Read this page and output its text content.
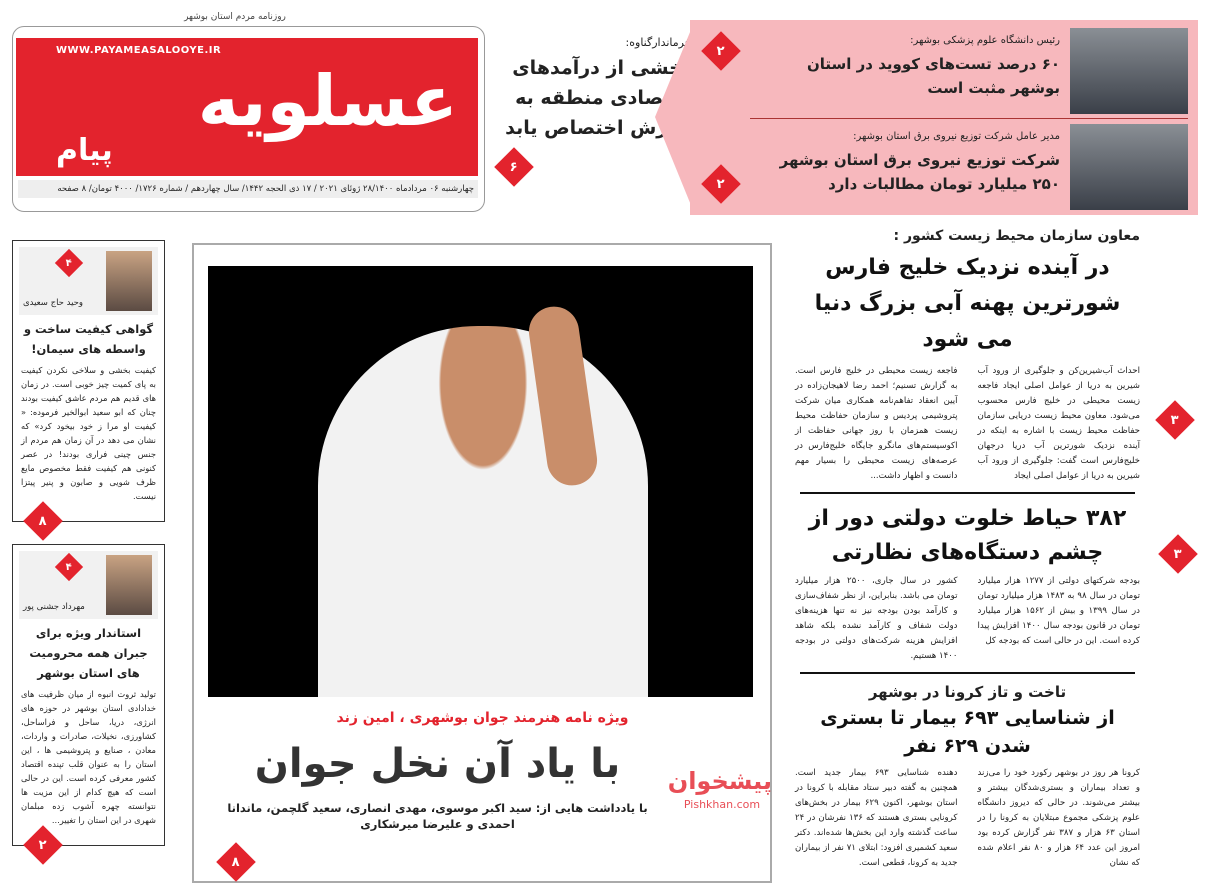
روزنامه مردم استان بوشهر
WWW.PAYAMEASALOOYE.IR
عسلویه
پیام
چهارشنبه ۰۶ مردادماه ۲۸/۱۴۰۰ ژوئای ۲۰۲۱ / ۱۷ ذی الحجه ۱۴۴۲/ سال چهاردهم / شماره ۱۷۲۶/ ۴۰۰۰ تومان/ ۸ صفحه
فرماندارگناوه:
بخشی از درآمدهای اقتصادی منطقه به ورزش اختصاص یابد
۶
رئیس دانشگاه علوم پزشکی بوشهر:
۶۰ درصد تست‌های کووید در استان بوشهر مثبت است
مدیر عامل شرکت توزیع نیروی برق استان بوشهر:
شرکت توزیع نیروی برق استان بوشهر ۲۵۰ میلیارد تومان مطالبات دارد
۲
۲
۴
وحید حاج سعیدی
گواهی کیفیت ساخت و واسطه های سیمان!

کیفیت بخشی و سلاخی نکردن کیفیت به پای کمیت چیز خوبی است. در زمان های قدیم هم مردم عاشق کیفیت بودند چنان که ابو سعید ابوالخیر فرموده: « کیفیت او مرا ز خود بیخود کرد» که نشان می دهد در آن زمان هم مردم از جنس چینی فراری بودند! در عصر کنونی هم کیفیت فقط مخصوص مایع ظرف شویی و صابون و پنیر پیتزا نیست.

۸
۴
مهرداد جشنی پور
استاندار ویژه برای جبران همه محرومیت های استان بوشهر

تولید ثروت انبوه از میان ظرفیت های خدادادی استان بوشهر در حوزه های انرژی، دریا، ساحل و فراساحل، کشاورزی، نخیلات، صادرات و واردات، معادن ، صنایع و پتروشیمی ها ، این استان را به عنوان قلب تپنده اقتصاد کشور معرفی کرده است. این در حالی است که هیچ کدام از این مزیت ها نتوانسته چهره آشوب زده مبلمان شهری در این استان را تغییر...

۲
ویژه نامه هنرمند جوان بوشهری ، امین زند
با یاد آن نخل جوان
با یادداشت هایی از: سید اکبر موسوی، مهدی انصاری، سعید گلچمن، ماندانا احمدی و علیرضا میرشکاری
۸
پیشخوان
Pishkhan.com
معاون سازمان محیط زیست کشور :
در آینده نزدیک خلیج فارس شورترین پهنه آبی بزرگ دنیا می شود

احداث آب‌شیرین‌کن و جلوگیری از ورود آب شیرین به دریا از عوامل اصلی ایجاد فاجعه زیست محیطی در خلیج فارس محسوب می‌شود. معاون محیط زیست دریایی سازمان حفاظت محیط زیست با اشاره به اینکه در آینده نزدیک شورترین آب دریا درجهان خلیج‌فارس است گفت: جلوگیری از ورود آب شیرین به دریا از عوامل اصلی ایجاد

فاجعه زیست محیطی در خلیج فارس است. به گزارش تسنیم؛ احمد رضا لاهیجان‌زاده در آیین انعقاد تفاهم‌نامه همکاری میان شرکت پتروشیمی پردیس و سازمان حفاظت محیط زیست همزمان با روز جهانی حفاظت از اکوسیستم‌های مانگرو جایگاه خلیج‌فارس در عرصه‌های زیست محیطی را بسیار مهم دانست و اظهار داشت...

۳۸۲ حیاط خلوت دولتی دور از چشم دستگاه‌های نظارتی

بودجه شرکتهای دولتی از ۱۲۷۷ هزار میلیارد تومان در سال ۹۸ به ۱۴۸۳ هزار میلیارد تومان در سال ۱۳۹۹ و بیش از ۱۵۶۲ هزار میلیارد تومان در قانون بودجه سال ۱۴۰۰ افزایش پیدا کرده است. این در حالی است که بودجه کل

کشور در سال جاری، ۲۵۰۰ هزار میلیارد تومان می باشد. بنابراین، از نظر شفاف‌سازی و کارآمد بودن بودجه نیز نه تنها هزینه‌های دولت شفاف و کارآمد نشده بلکه شاهد افزایش هزینه شرکت‌های دولتی در بودجه ۱۴۰۰ هستیم.

تاخت و تاز کرونا در بوشهر
از شناسایی ۶۹۳ بیمار تا بستری شدن ۶۲۹ نفر

کرونا هر روز در بوشهر رکورد خود را می‌زند و تعداد بیماران و بستری‌شدگان بیشتر و بیشتر می‌شوند. در حالی که دیروز دانشگاه علوم پزشکی مجموع مبتلایان به کرونا را در استان ۶۳ هزار و ۳۸۷ نفر گزارش کرده بود امروز این عدد ۶۴ هزار و ۸۰ نفر اعلام شده که نشان

دهنده شناسایی ۶۹۳ بیمار جدید است. همچنین به گفته دبیر ستاد مقابله با کرونا در استان بوشهر، اکنون ۶۲۹ بیمار در بخش‌های کرونایی بستری هستند که ۱۳۶ نفرشان در ۲۴ ساعت گذشته وارد این بخش‌ها شده‌اند. دکتر سعید کشمیری افزود: ابتلای ۷۱ نفر از بیماران جدید به کرونا، قطعی است.

۳
۳
